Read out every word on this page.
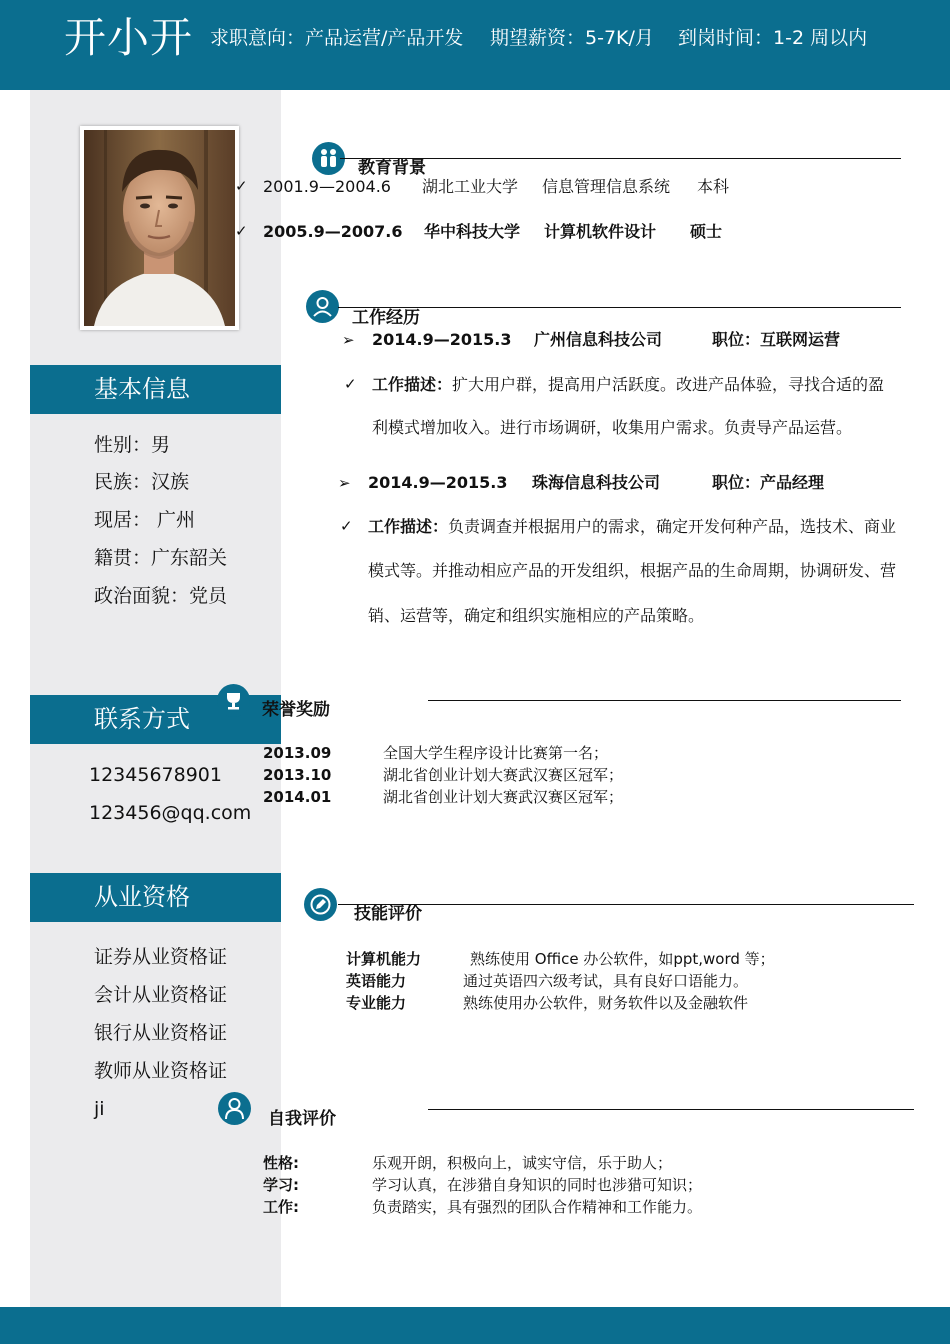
开小开 求职意向：产品运营/产品开发 期望薪资：5-7K/月 到岗时间：1-2 周以内
基本信息
性别：男
民族：汉族
现居： 广州
籍贯：广东韶关
政治面貌：党员
联系方式
12345678901
123456@qq.com
从业资格
证券从业资格证
会计从业资格证
银行从业资格证
教师从业资格证
ji
教育背景
✓ 2001.9—2004.6 湖北工业大学 信息管理信息系统 本科
✓ 2005.9—2007.6 华中科技大学 计算机软件设计 硕士
工作经历
➢ 2014.9—2015.3 广州信息科技公司	职位：互联网运营
✓ 工作描述：扩大用户群，提高用户活跃度。改进产品体验，寻找合适的盈
利模式增加收入。进行市场调研，收集用户需求。负责导产品运营。
➢ 2014.9—2015.3 珠海信息科技公司	职位：产品经理
✓ 工作描述：负责调查并根据用户的需求，确定开发何种产品，选技术、商业
模式等。并推动相应产品的开发组织，根据产品的生命周期，协调研发、营
销、运营等，确定和组织实施相应的产品策略。
荣誉奖励
2013.09	全国大学生程序设计比赛第一名；
2013.10	湖北省创业计划大赛武汉赛区冠军；
2014.01	湖北省创业计划大赛武汉赛区冠军；
技能评价
计算机能力	熟练使用 Office 办公软件，如ppt,word 等；
英语能力	通过英语四六级考试，具有良好口语能力。
专业能力	熟练使用办公软件，财务软件以及金融软件
自我评价
性格:	乐观开朗，积极向上，诚实守信，乐于助人；
学习:	学习认真，在涉猎自身知识的同时也涉猎可知识；
工作:	负责踏实，具有强烈的团队合作精神和工作能力。
